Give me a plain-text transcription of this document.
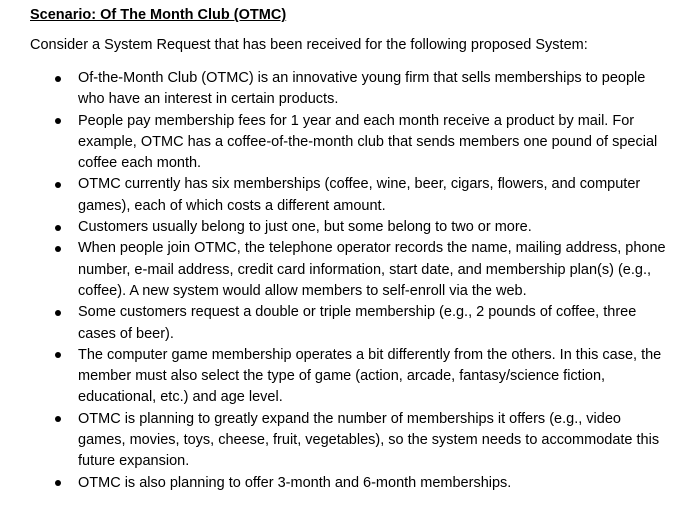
Scenario: Of The Month Club (OTMC)
Consider a System Request that has been received for the following proposed System:
Of-the-Month Club (OTMC) is an innovative young firm that sells memberships to people who have an interest in certain products.
People pay membership fees for 1 year and each month receive a product by mail. For example, OTMC has a coffee-of-the-month club that sends members one pound of special coffee each month.
OTMC currently has six memberships (coffee, wine, beer, cigars, flowers, and computer games), each of which costs a different amount.
Customers usually belong to just one, but some belong to two or more.
When people join OTMC, the telephone operator records the name, mailing address, phone number, e-mail address, credit card information, start date, and membership plan(s) (e.g., coffee). A new system would allow members to self-enroll via the web.
Some customers request a double or triple membership (e.g., 2 pounds of coffee, three cases of beer).
The computer game membership operates a bit differently from the others. In this case, the member must also select the type of game (action, arcade, fantasy/science fiction, educational, etc.) and age level.
OTMC is planning to greatly expand the number of memberships it offers (e.g., video games, movies, toys, cheese, fruit, vegetables), so the system needs to accommodate this future expansion.
OTMC is also planning to offer 3-month and 6-month memberships.
